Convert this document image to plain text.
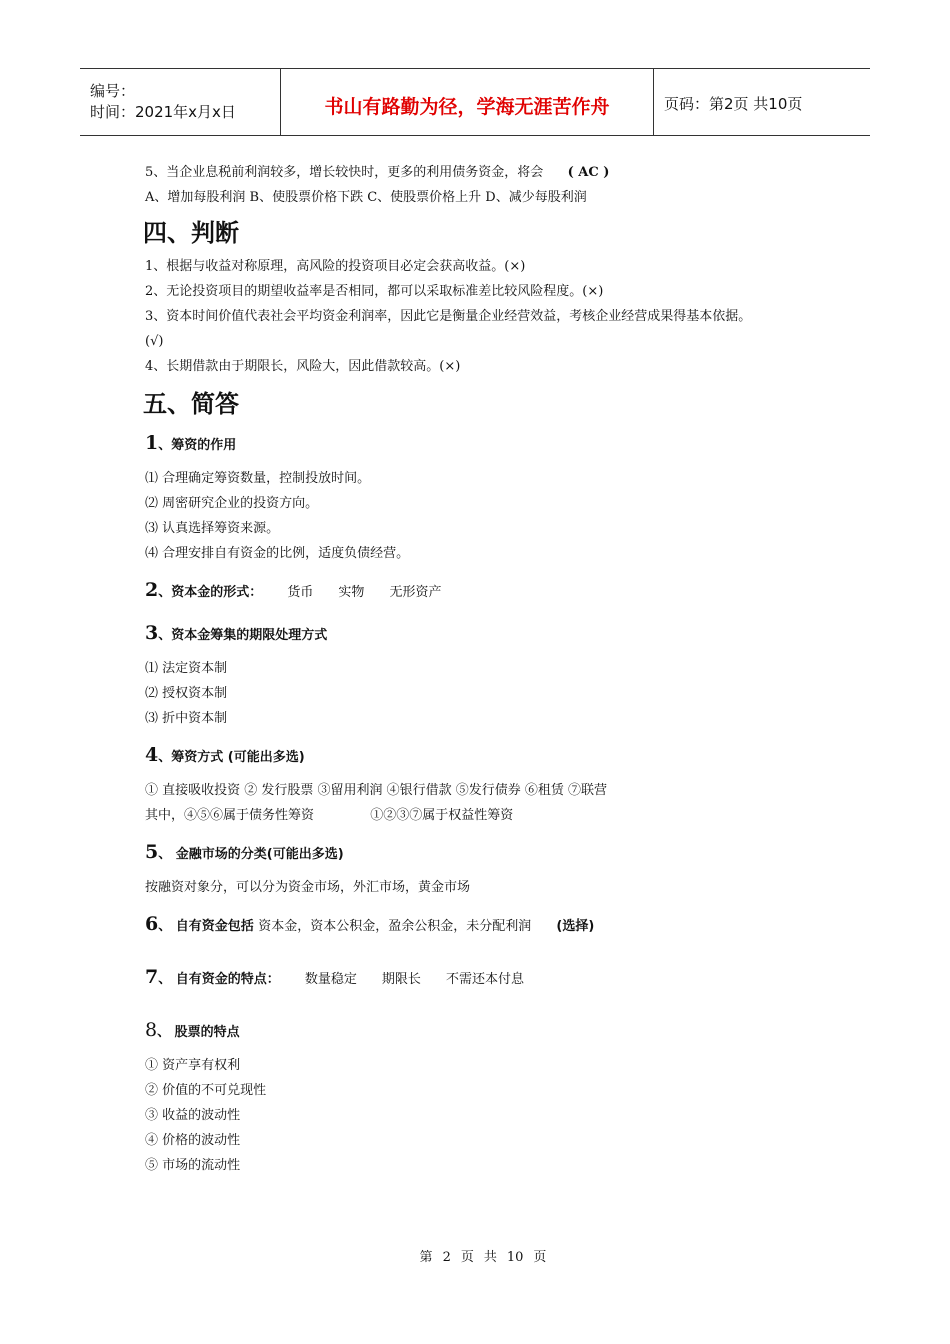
编号：
时间：2021年x月x日	书山有路勤为径，学海无涯苦作舟	页码：第2页 共10页
5、当企业息税前利润较多，增长较快时，更多的利用债务资金，将会 ( AC )
A、增加每股利润 B、使股票价格下跌 C、使股票价格上升 D、减少每股利润
四、判断
1、根据与收益对称原理，高风险的投资项目必定会获高收益。(×)
2、无论投资项目的期望收益率是否相同，都可以采取标准差比较风险程度。(×)
3、资本时间价值代表社会平均资金利润率，因此它是衡量企业经营效益，考核企业经营成果得基本依据。
(√)
4、长期借款由于期限长，风险大，因此借款较高。(×)
五、简答
1、筹资的作用
⑴ 合理确定筹资数量，控制投放时间。
⑵ 周密研究企业的投资方向。
⑶ 认真选择筹资来源。
⑷ 合理安排自有资金的比例，适度负债经营。
2、资本金的形式： 货币 实物 无形资产
3、资本金筹集的期限处理方式
⑴ 法定资本制
⑵ 授权资本制
⑶ 折中资本制
4、筹资方式 (可能出多选)
① 直接吸收投资 ② 发行股票 ③留用利润 ④银行借款 ⑤发行债券 ⑥租赁 ⑦联营
其中，④⑤⑥属于债务性筹资	①②③⑦属于权益性筹资
5、 金融市场的分类(可能出多选)
按融资对象分，可以分为资金市场，外汇市场，黄金市场
6、 自有资金包括 资本金，资本公积金，盈余公积金，未分配利润 (选择)
7、 自有资金的特点： 数量稳定 期限长 不需还本付息
8、 股票的特点
① 资产享有权利
② 价值的不可兑现性
③ 收益的波动性
④ 价格的波动性
⑤ 市场的流动性
第 2 页 共 10 页
